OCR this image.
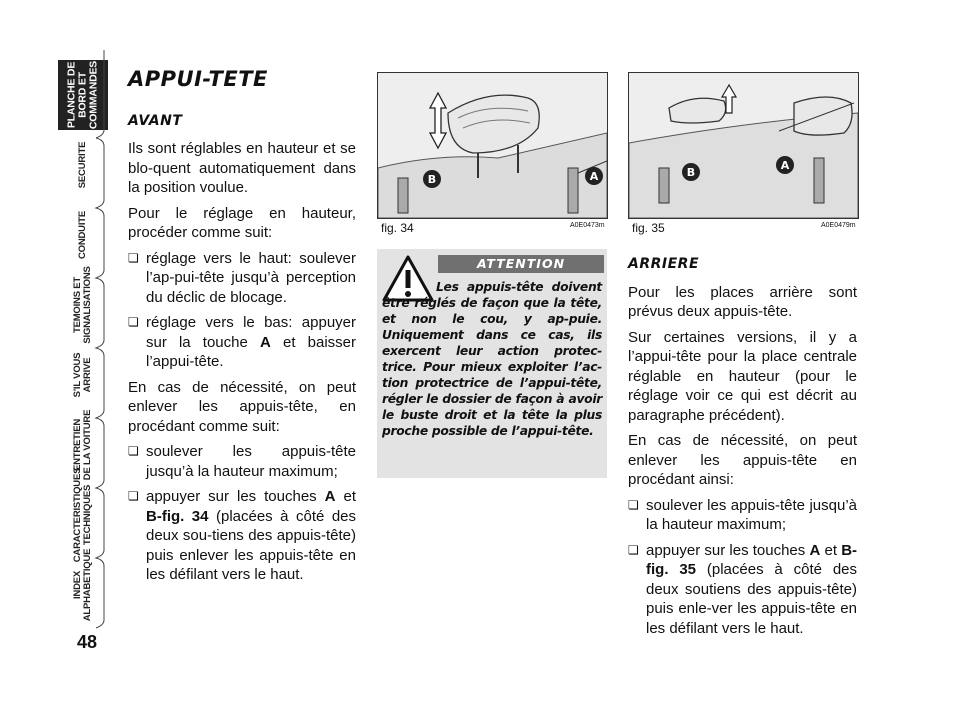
PLANCHE DE
BORD ET
COMMANDES
SECURITE
CONDUITE
TEMOINS ET
SIGNALISATIONS
S'IL VOUS
ARRIVE
ENTRETIEN
DE LA VOITURE
CARACTERISTIQUES
TECHNIQUES
INDEX
ALPHABETIQUE
48
APPUI-TETE
AVANT

Ils sont réglables en hauteur et se blo-quent automatiquement dans la position voulue.

Pour le réglage en hauteur, procéder comme suit:

❏ réglage vers le haut: soulever l’ap-pui-tête jusqu’à perception du déclic de blocage.
❏ réglage vers le bas: appuyer sur la touche A et baisser l’appui-tête.

En cas de nécessité, on peut enlever les appuis-tête, en procédant comme suit:

❏ soulever les appuis-tête jusqu’à la hauteur maximum;
❏ appuyer sur les touches A et B-fig. 34 (placées à côté des deux sou-tiens des appuis-tête) puis enlever les appuis-tête en les défilant vers le haut.
B	A
fig. 34	A0E0473m
B
A
fig. 35	A0E0479m
ATTENTION
Les appuis-tête doivent être réglés de façon que la tête, et non le cou, y ap-puie. Uniquement dans ce cas, ils exercent leur action protec-trice. Pour mieux exploiter l’ac-tion protectrice de l’appui-tête, régler le dossier de façon à avoir le buste droit et la tête la plus proche possible de l’appui-tête.
ARRIERE

Pour les places arrière sont prévus deux appuis-tête.

Sur certaines versions, il y a l’appui-tête pour la place centrale réglable en hauteur (pour le réglage voir ce qui est décrit au paragraphe précédent).

En cas de nécessité, on peut enlever les appuis-tête en procédant ainsi:

❏ soulever les appuis-tête jusqu’à la hauteur maximum;
❏ appuyer sur les touches A et B-fig. 35 (placées à côté des deux soutiens des appuis-tête) puis enle-ver les appuis-tête en les défilant vers le haut.
